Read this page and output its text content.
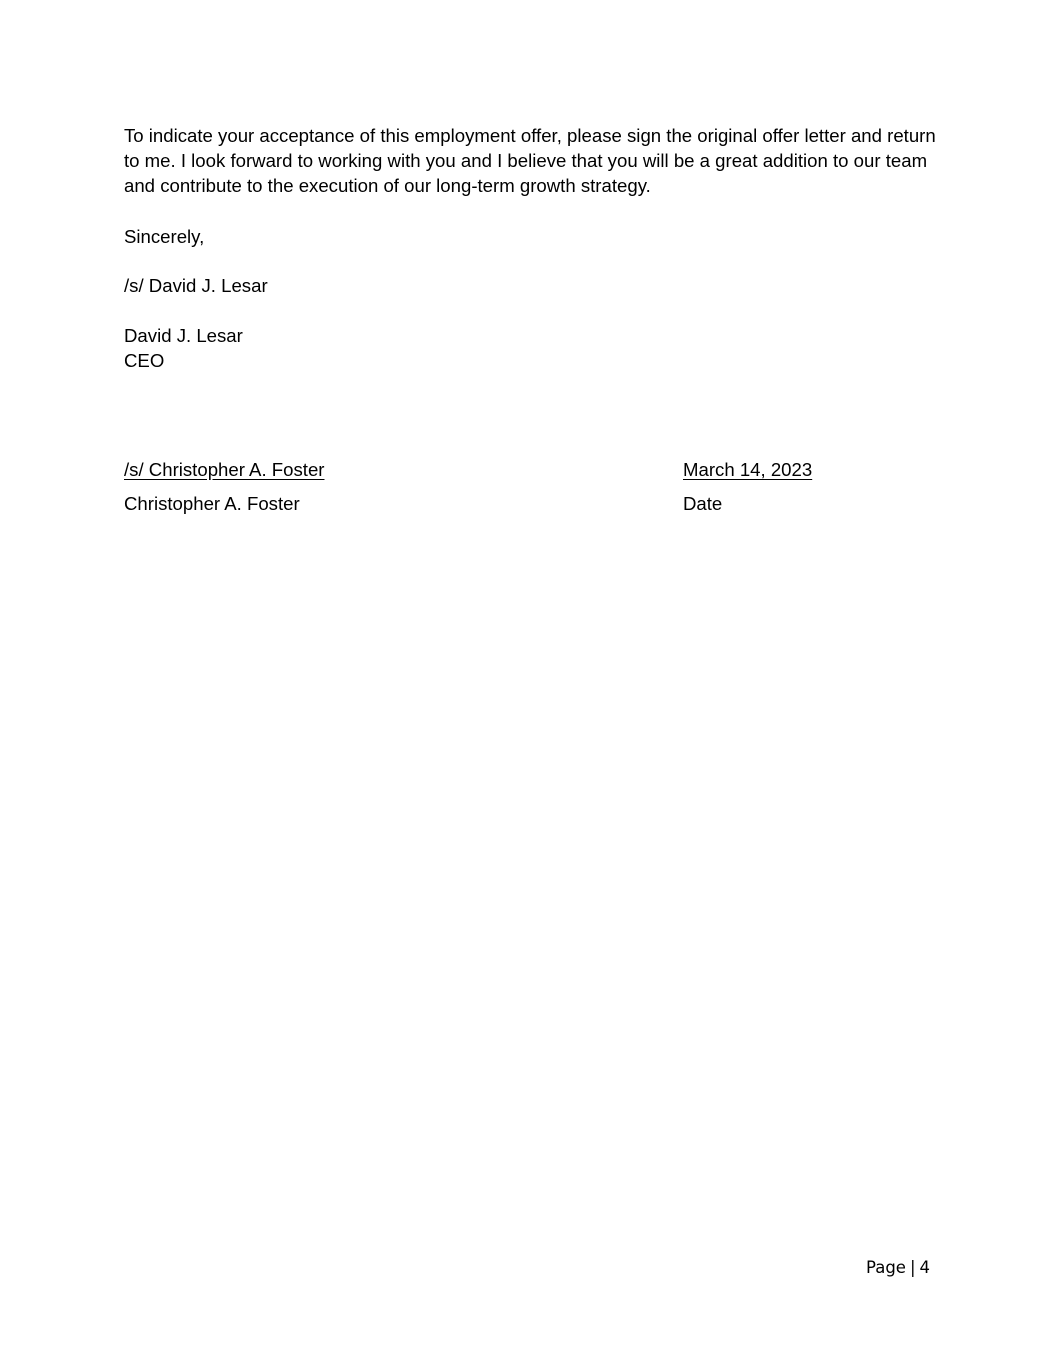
To indicate your acceptance of this employment offer, please sign the original offer letter and return to me. I look forward to working with you and I believe that you will be a great addition to our team and contribute to the execution of our long-term growth strategy.

Sincerely,
/s/ David J. Lesar
David J. Lesar
CEO
/s/ Christopher A. Foster
Christopher A. Foster
March 14, 2023
Date
Page | 4
